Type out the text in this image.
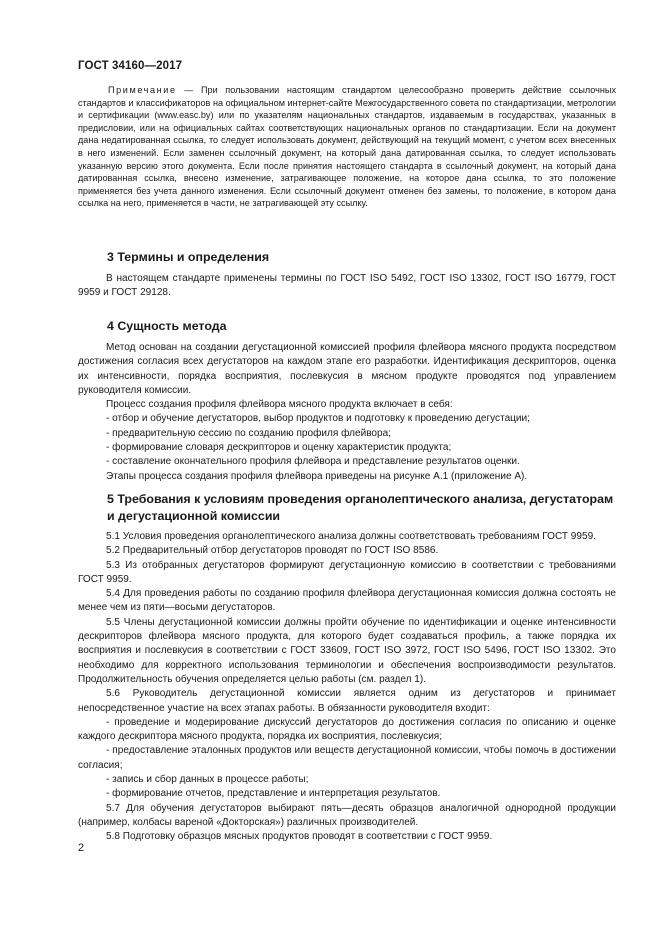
ГОСТ 34160—2017
Примечание — При пользовании настоящим стандартом целесообразно проверить действие ссылочных стандартов и классификаторов на официальном интернет-сайте Межгосударственного совета по стандартизации, метрологии и сертификации (www.easc.by) или по указателям национальных стандартов, издаваемым в государствах, указанных в предисловии, или на официальных сайтах соответствующих национальных органов по стандартизации. Если на документ дана недатированная ссылка, то следует использовать документ, действующий на текущий момент, с учетом всех внесенных в него изменений. Если заменен ссылочный документ, на который дана датированная ссылка, то следует использовать указанную версию этого документа. Если после принятия настоящего стандарта в ссылочный документ, на который дана датированная ссылка, внесено изменение, затрагивающее положение, на которое дана ссылка, то это положение применяется без учета данного изменения. Если ссылочный документ отменен без замены, то положение, в котором дана ссылка на него, применяется в части, не затрагивающей эту ссылку.
3 Термины и определения

В настоящем стандарте применены термины по ГОСТ ISO 5492, ГОСТ ISO 13302, ГОСТ ISO 16779, ГОСТ 9959 и ГОСТ 29128.

4 Сущность метода

Метод основан на создании дегустационной комиссией профиля флейвора мясного продукта посредством достижения согласия всех дегустаторов на каждом этапе его разработки. Идентификация дескрипторов, оценка их интенсивности, порядка восприятия, послевкусия в мясном продукте проводятся под управлением руководителя комиссии.

Процесс создания профиля флейвора мясного продукта включает в себя:

- отбор и обучение дегустаторов, выбор продуктов и подготовку к проведению дегустации;

- предварительную сессию по созданию профиля флейвора;

- формирование словаря дескрипторов и оценку характеристик продукта;

- составление окончательного профиля флейвора и представление результатов оценки.

Этапы процесса создания профиля флейвора приведены на рисунке А.1 (приложение А).

5 Требования к условиям проведения органолептического анализа, дегустаторам и дегустационной комиссии

5.1 Условия проведения органолептического анализа должны соответствовать требованиям ГОСТ 9959.

5.2 Предварительный отбор дегустаторов проводят по ГОСТ ISO 8586.

5.3 Из отобранных дегустаторов формируют дегустационную комиссию в соответствии с требованиями ГОСТ 9959.

5.4 Для проведения работы по созданию профиля флейвора дегустационная комиссия должна состоять не менее чем из пяти—восьми дегустаторов.

5.5 Члены дегустационной комиссии должны пройти обучение по идентификации и оценке интенсивности дескрипторов флейвора мясного продукта, для которого будет создаваться профиль, а также порядка их восприятия и послевкусия в соответствии с ГОСТ 33609, ГОСТ ISO 3972, ГОСТ ISO 5496, ГОСТ ISO 13302. Это необходимо для корректного использования терминологии и обеспечения воспроизводимости результатов. Продолжительность обучения определяется целью работы (см. раздел 1).

5.6 Руководитель дегустационной комиссии является одним из дегустаторов и принимает непосредственное участие на всех этапах работы. В обязанности руководителя входит:

- проведение и модерирование дискуссий дегустаторов до достижения согласия по описанию и оценке каждого дескриптора мясного продукта, порядка их восприятия, послевкусия;

- предоставление эталонных продуктов или веществ дегустационной комиссии, чтобы помочь в достижении согласия;

- запись и сбор данных в процессе работы;

- формирование отчетов, представление и интерпретация результатов.

5.7 Для обучения дегустаторов выбирают пять—десять образцов аналогичной однородной продукции (например, колбасы вареной «Докторская») различных производителей.

5.8 Подготовку образцов мясных продуктов проводят в соответствии с ГОСТ 9959.

2
